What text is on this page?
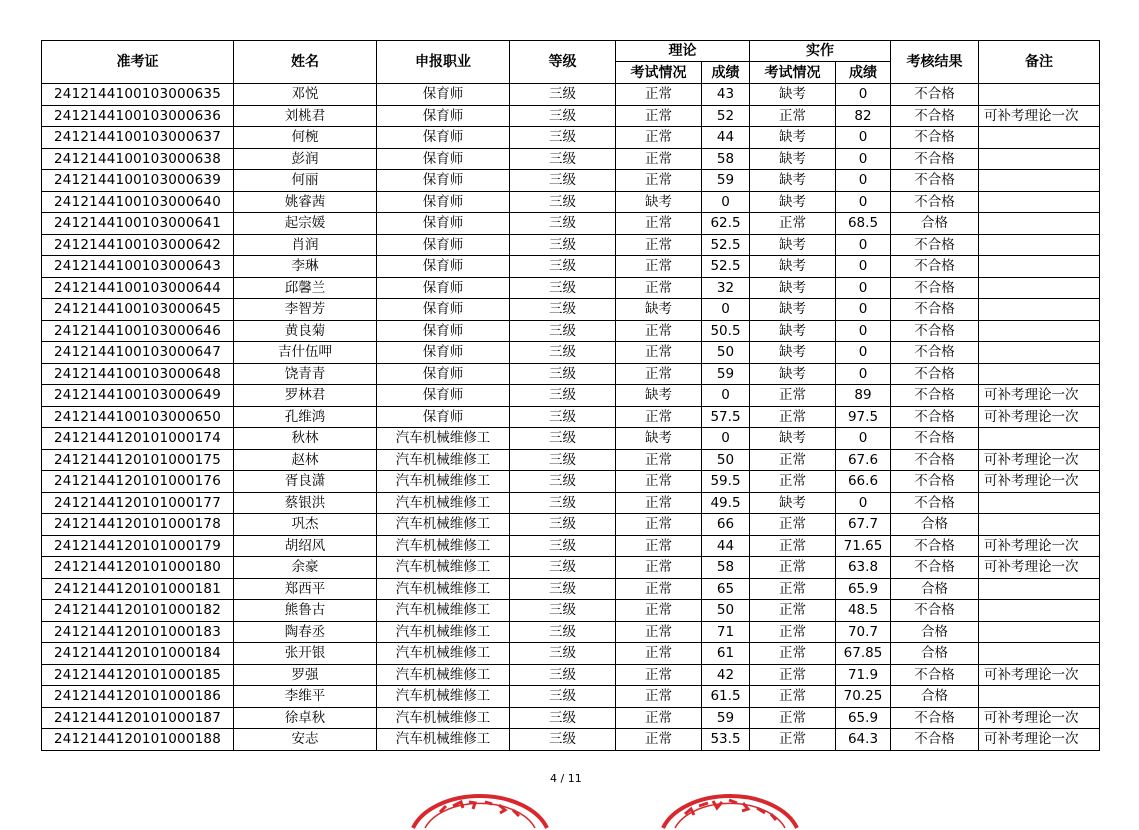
准考证	姓名	申报职业	等级	理论		实作		考核结果	备注
				考试情况	成绩	考试情况	成绩		
2412144100103000635	邓悦	保育师	三级	正常	43	缺考	0	不合格	
2412144100103000636	刘桃君	保育师	三级	正常	52	正常	82	不合格	可补考理论一次
2412144100103000637	何椀	保育师	三级	正常	44	缺考	0	不合格	
2412144100103000638	彭润	保育师	三级	正常	58	缺考	0	不合格	
2412144100103000639	何丽	保育师	三级	正常	59	缺考	0	不合格	
2412144100103000640	姚睿茜	保育师	三级	缺考	0	缺考	0	不合格	
2412144100103000641	起宗媛	保育师	三级	正常	62.5	正常	68.5	合格	
2412144100103000642	肖润	保育师	三级	正常	52.5	缺考	0	不合格	
2412144100103000643	李琳	保育师	三级	正常	52.5	缺考	0	不合格	
2412144100103000644	邱馨兰	保育师	三级	正常	32	缺考	0	不合格	
2412144100103000645	李智芳	保育师	三级	缺考	0	缺考	0	不合格	
2412144100103000646	黄良菊	保育师	三级	正常	50.5	缺考	0	不合格	
2412144100103000647	吉什伍呷	保育师	三级	正常	50	缺考	0	不合格	
2412144100103000648	饶青青	保育师	三级	正常	59	缺考	0	不合格	
2412144100103000649	罗林君	保育师	三级	缺考	0	正常	89	不合格	可补考理论一次
2412144100103000650	孔维鸿	保育师	三级	正常	57.5	正常	97.5	不合格	可补考理论一次
2412144120101000174	秋林	汽车机械维修工	三级	缺考	0	缺考	0	不合格	
2412144120101000175	赵林	汽车机械维修工	三级	正常	50	正常	67.6	不合格	可补考理论一次
2412144120101000176	胥良潇	汽车机械维修工	三级	正常	59.5	正常	66.6	不合格	可补考理论一次
2412144120101000177	蔡银洪	汽车机械维修工	三级	正常	49.5	缺考	0	不合格	
2412144120101000178	巩杰	汽车机械维修工	三级	正常	66	正常	67.7	合格	
2412144120101000179	胡绍风	汽车机械维修工	三级	正常	44	正常	71.65	不合格	可补考理论一次
2412144120101000180	余豪	汽车机械维修工	三级	正常	58	正常	63.8	不合格	可补考理论一次
2412144120101000181	郑西平	汽车机械维修工	三级	正常	65	正常	65.9	合格	
2412144120101000182	熊鲁古	汽车机械维修工	三级	正常	50	正常	48.5	不合格	
2412144120101000183	陶春丞	汽车机械维修工	三级	正常	71	正常	70.7	合格	
2412144120101000184	张开银	汽车机械维修工	三级	正常	61	正常	67.85	合格	
2412144120101000185	罗强	汽车机械维修工	三级	正常	42	正常	71.9	不合格	可补考理论一次
2412144120101000186	李维平	汽车机械维修工	三级	正常	61.5	正常	70.25	合格	
2412144120101000187	徐卓秋	汽车机械维修工	三级	正常	59	正常	65.9	不合格	可补考理论一次
2412144120101000188	安志	汽车机械维修工	三级	正常	53.5	正常	64.3	不合格	可补考理论一次
4 / 11
